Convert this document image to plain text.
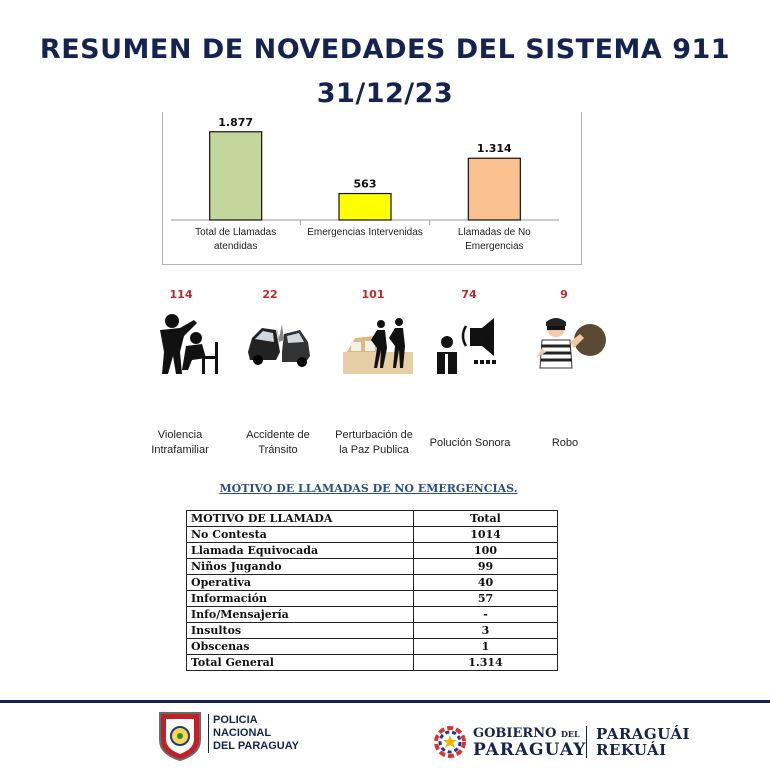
RESUMEN DE NOVEDADES DEL SISTEMA 911
31/12/23
1.877
563
1.314
Total de Llamadas
atendidas
Emergencias Intervenidas	Llamadas de No
Emergencias
114	22	101	74	9
Violencia
Intrafamiliar
Accidente de
Tránsito
Perturbación de
la Paz Publica
Polución Sonora	Robo
MOTIVO DE LLAMADAS DE NO EMERGENCIAS.
MOTIVO DE LLAMADA	Total
No Contesta	1014
Llamada Equivocada	100
Niños Jugando	99
Operativa	40
Información	57
Info/Mensajería	-
Insultos	3
Obscenas	1
Total General	1.314
POLICIA
NACIONAL
DEL PARAGUAY
GOBIERNO DEL
PARAGUAY
PARAGUÁI
REKUÁI
